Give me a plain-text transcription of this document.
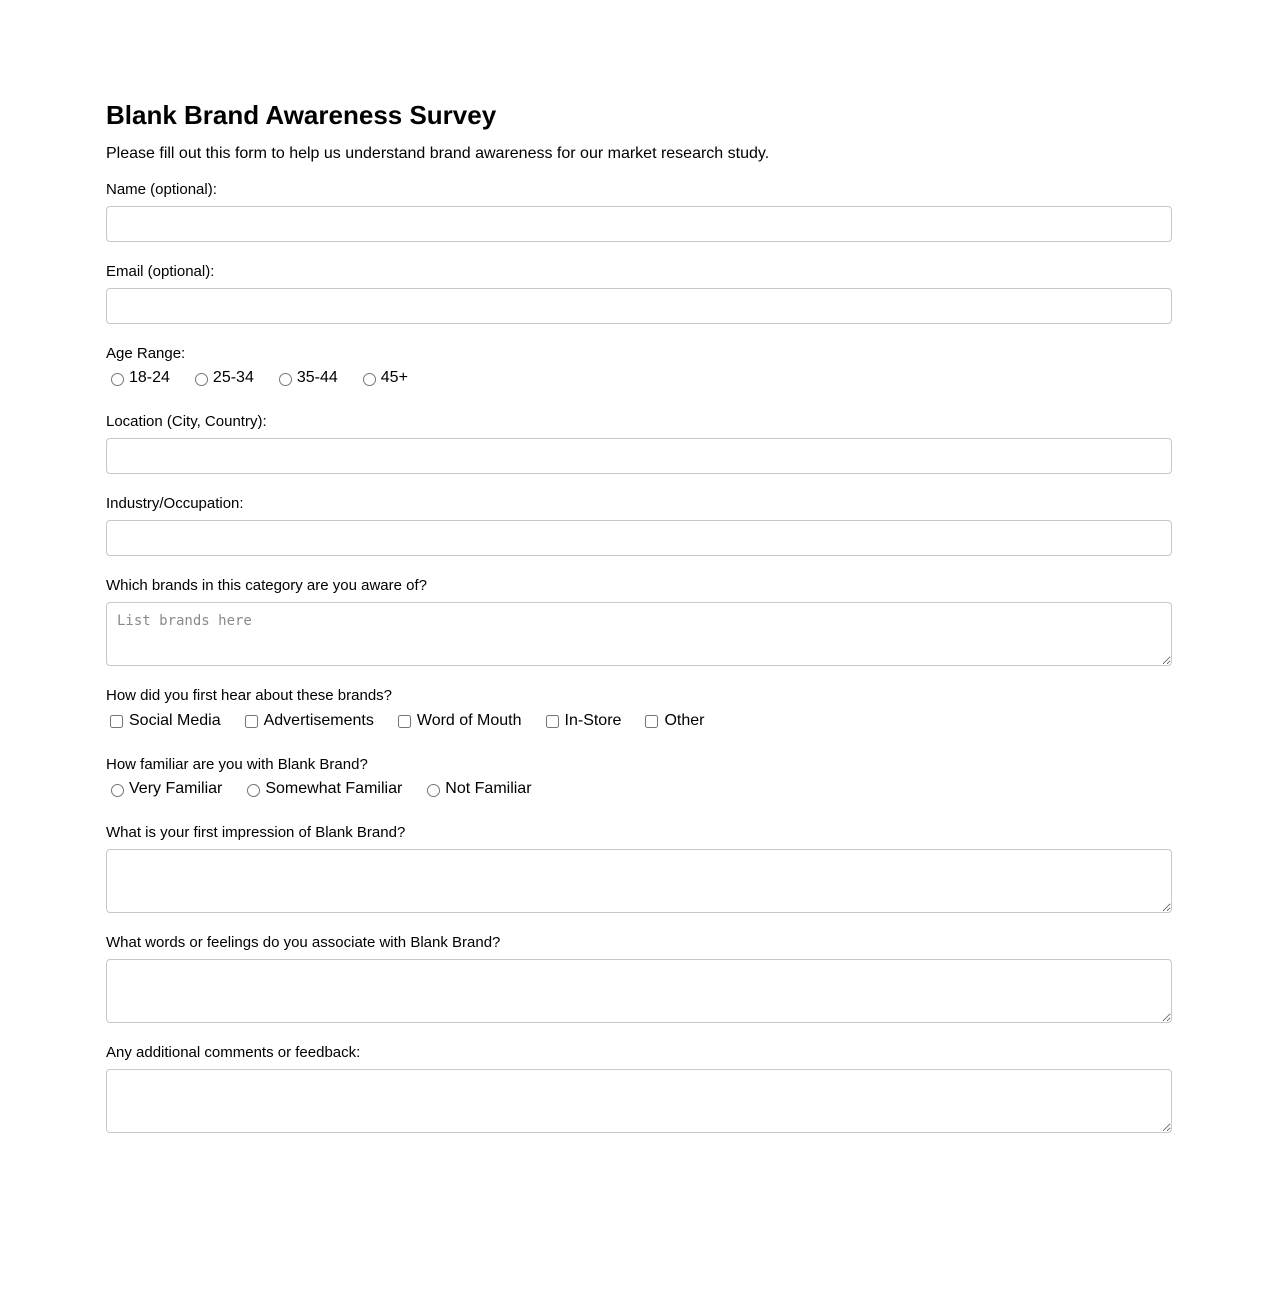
Blank Brand Awareness Survey
Please fill out this form to help us understand brand awareness for our market research study.
Name (optional):
Email (optional):
Age Range:
18-24	25-34	35-44	45+
Location (City, Country):
Industry/Occupation:
Which brands in this category are you aware of?
List brands here
How did you first hear about these brands?
Social Media	Advertisements	Word of Mouth	In-Store	Other
How familiar are you with Blank Brand?
Very Familiar	Somewhat Familiar	Not Familiar
What is your first impression of Blank Brand?
What words or feelings do you associate with Blank Brand?
Any additional comments or feedback:
